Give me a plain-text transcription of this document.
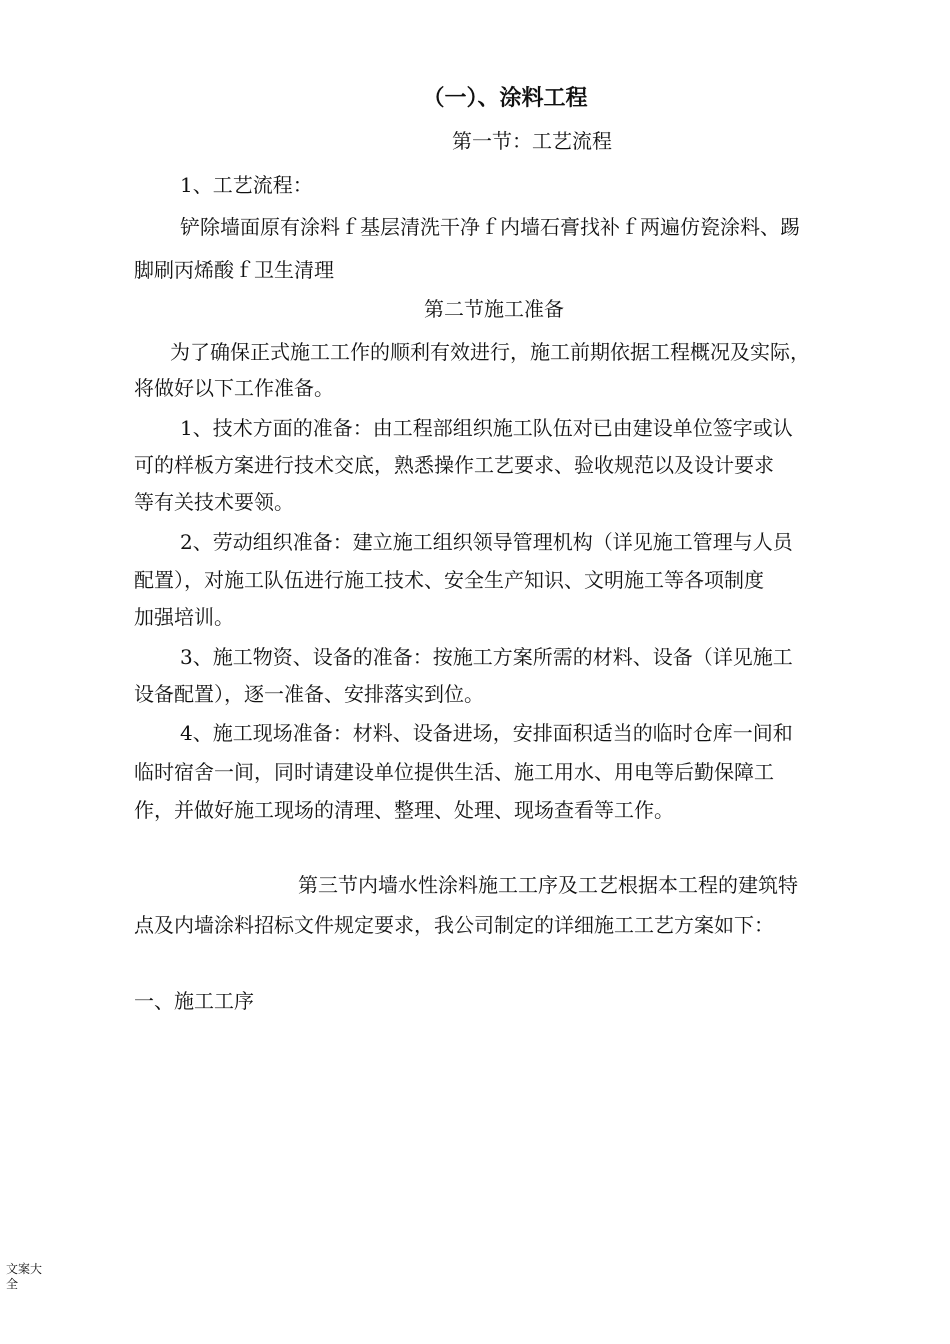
（一）、涂料工程

第一节：工艺流程

1、工艺流程：

铲除墙面原有涂料ｆ基层清洗干净ｆ内墙石膏找补ｆ两遍仿瓷涂料、踢

脚刷丙烯酸ｆ卫生清理

第二节施工准备

为了确保正式施工工作的顺利有效进行，施工前期依据工程概况及实际，

将做好以下工作准备。

1、技术方面的准备：由工程部组织施工队伍对已由建设单位签字或认

可的样板方案进行技术交底，熟悉操作工艺要求、验收规范以及设计要求

等有关技术要领。

2、劳动组织准备：建立施工组织领导管理机构（详见施工管理与人员

配置），对施工队伍进行施工技术、安全生产知识、文明施工等各项制度

加强培训。

3、施工物资、设备的准备：按施工方案所需的材料、设备（详见施工

设备配置），逐一准备、安排落实到位。

4、施工现场准备：材料、设备进场，安排面积适当的临时仓库一间和

临时宿舍一间，同时请建设单位提供生活、施工用水、用电等后勤保障工

作，并做好施工现场的清理、整理、处理、现场查看等工作。

第三节内墙水性涂料施工工序及工艺根据本工程的建筑特

点及内墙涂料招标文件规定要求，我公司制定的详细施工工艺方案如下：

一、施工工序

文案大全
